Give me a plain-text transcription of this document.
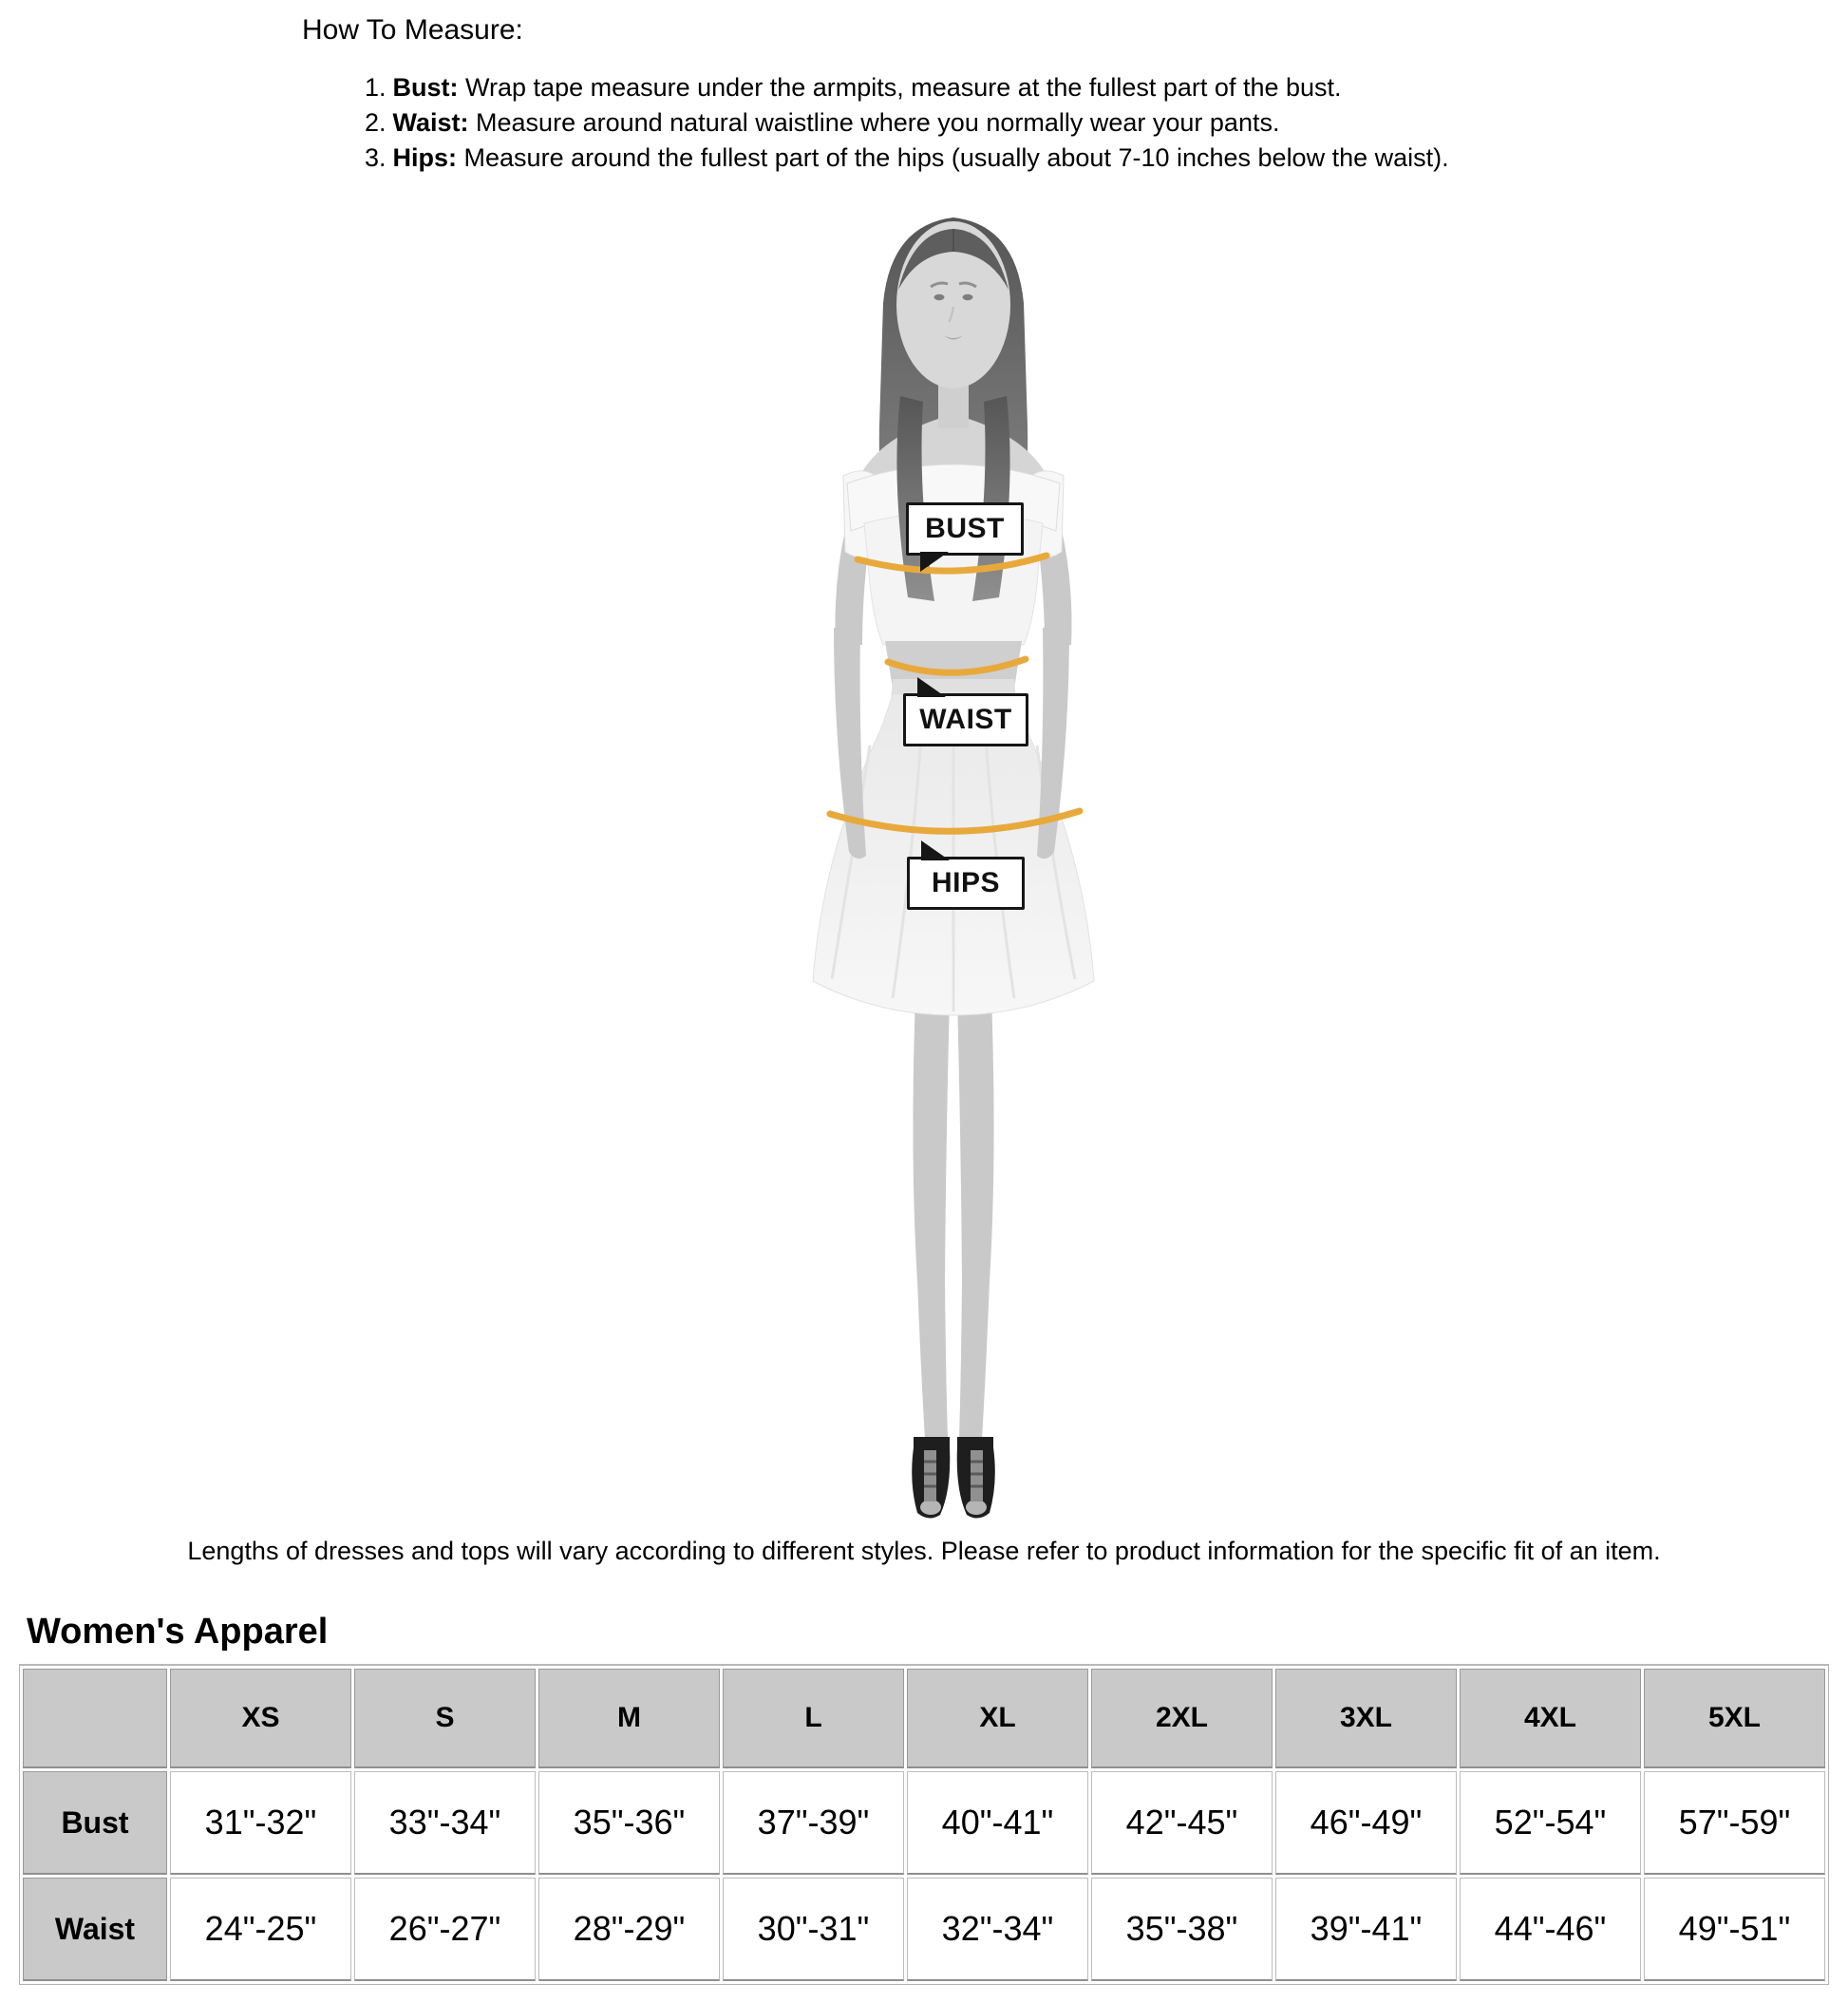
How To Measure:
1. Bust: Wrap tape measure under the armpits, measure at the fullest part of the bust.
2. Waist: Measure around natural waistline where you normally wear your pants.
3. Hips: Measure around the fullest part of the hips (usually about 7-10 inches below the waist).
BUST
WAIST
HIPS

Lengths of dresses and tops will vary according to different styles. Please refer to product information for the specific fit of an item.

Women's Apparel
	XS	S	M	L	XL	2XL	3XL	4XL	5XL
Bust	31"-32"	33"-34"	35"-36"	37"-39"	40"-41"	42"-45"	46"-49"	52"-54"	57"-59"
Waist	24"-25"	26"-27"	28"-29"	30"-31"	32"-34"	35"-38"	39"-41"	44"-46"	49"-51"
